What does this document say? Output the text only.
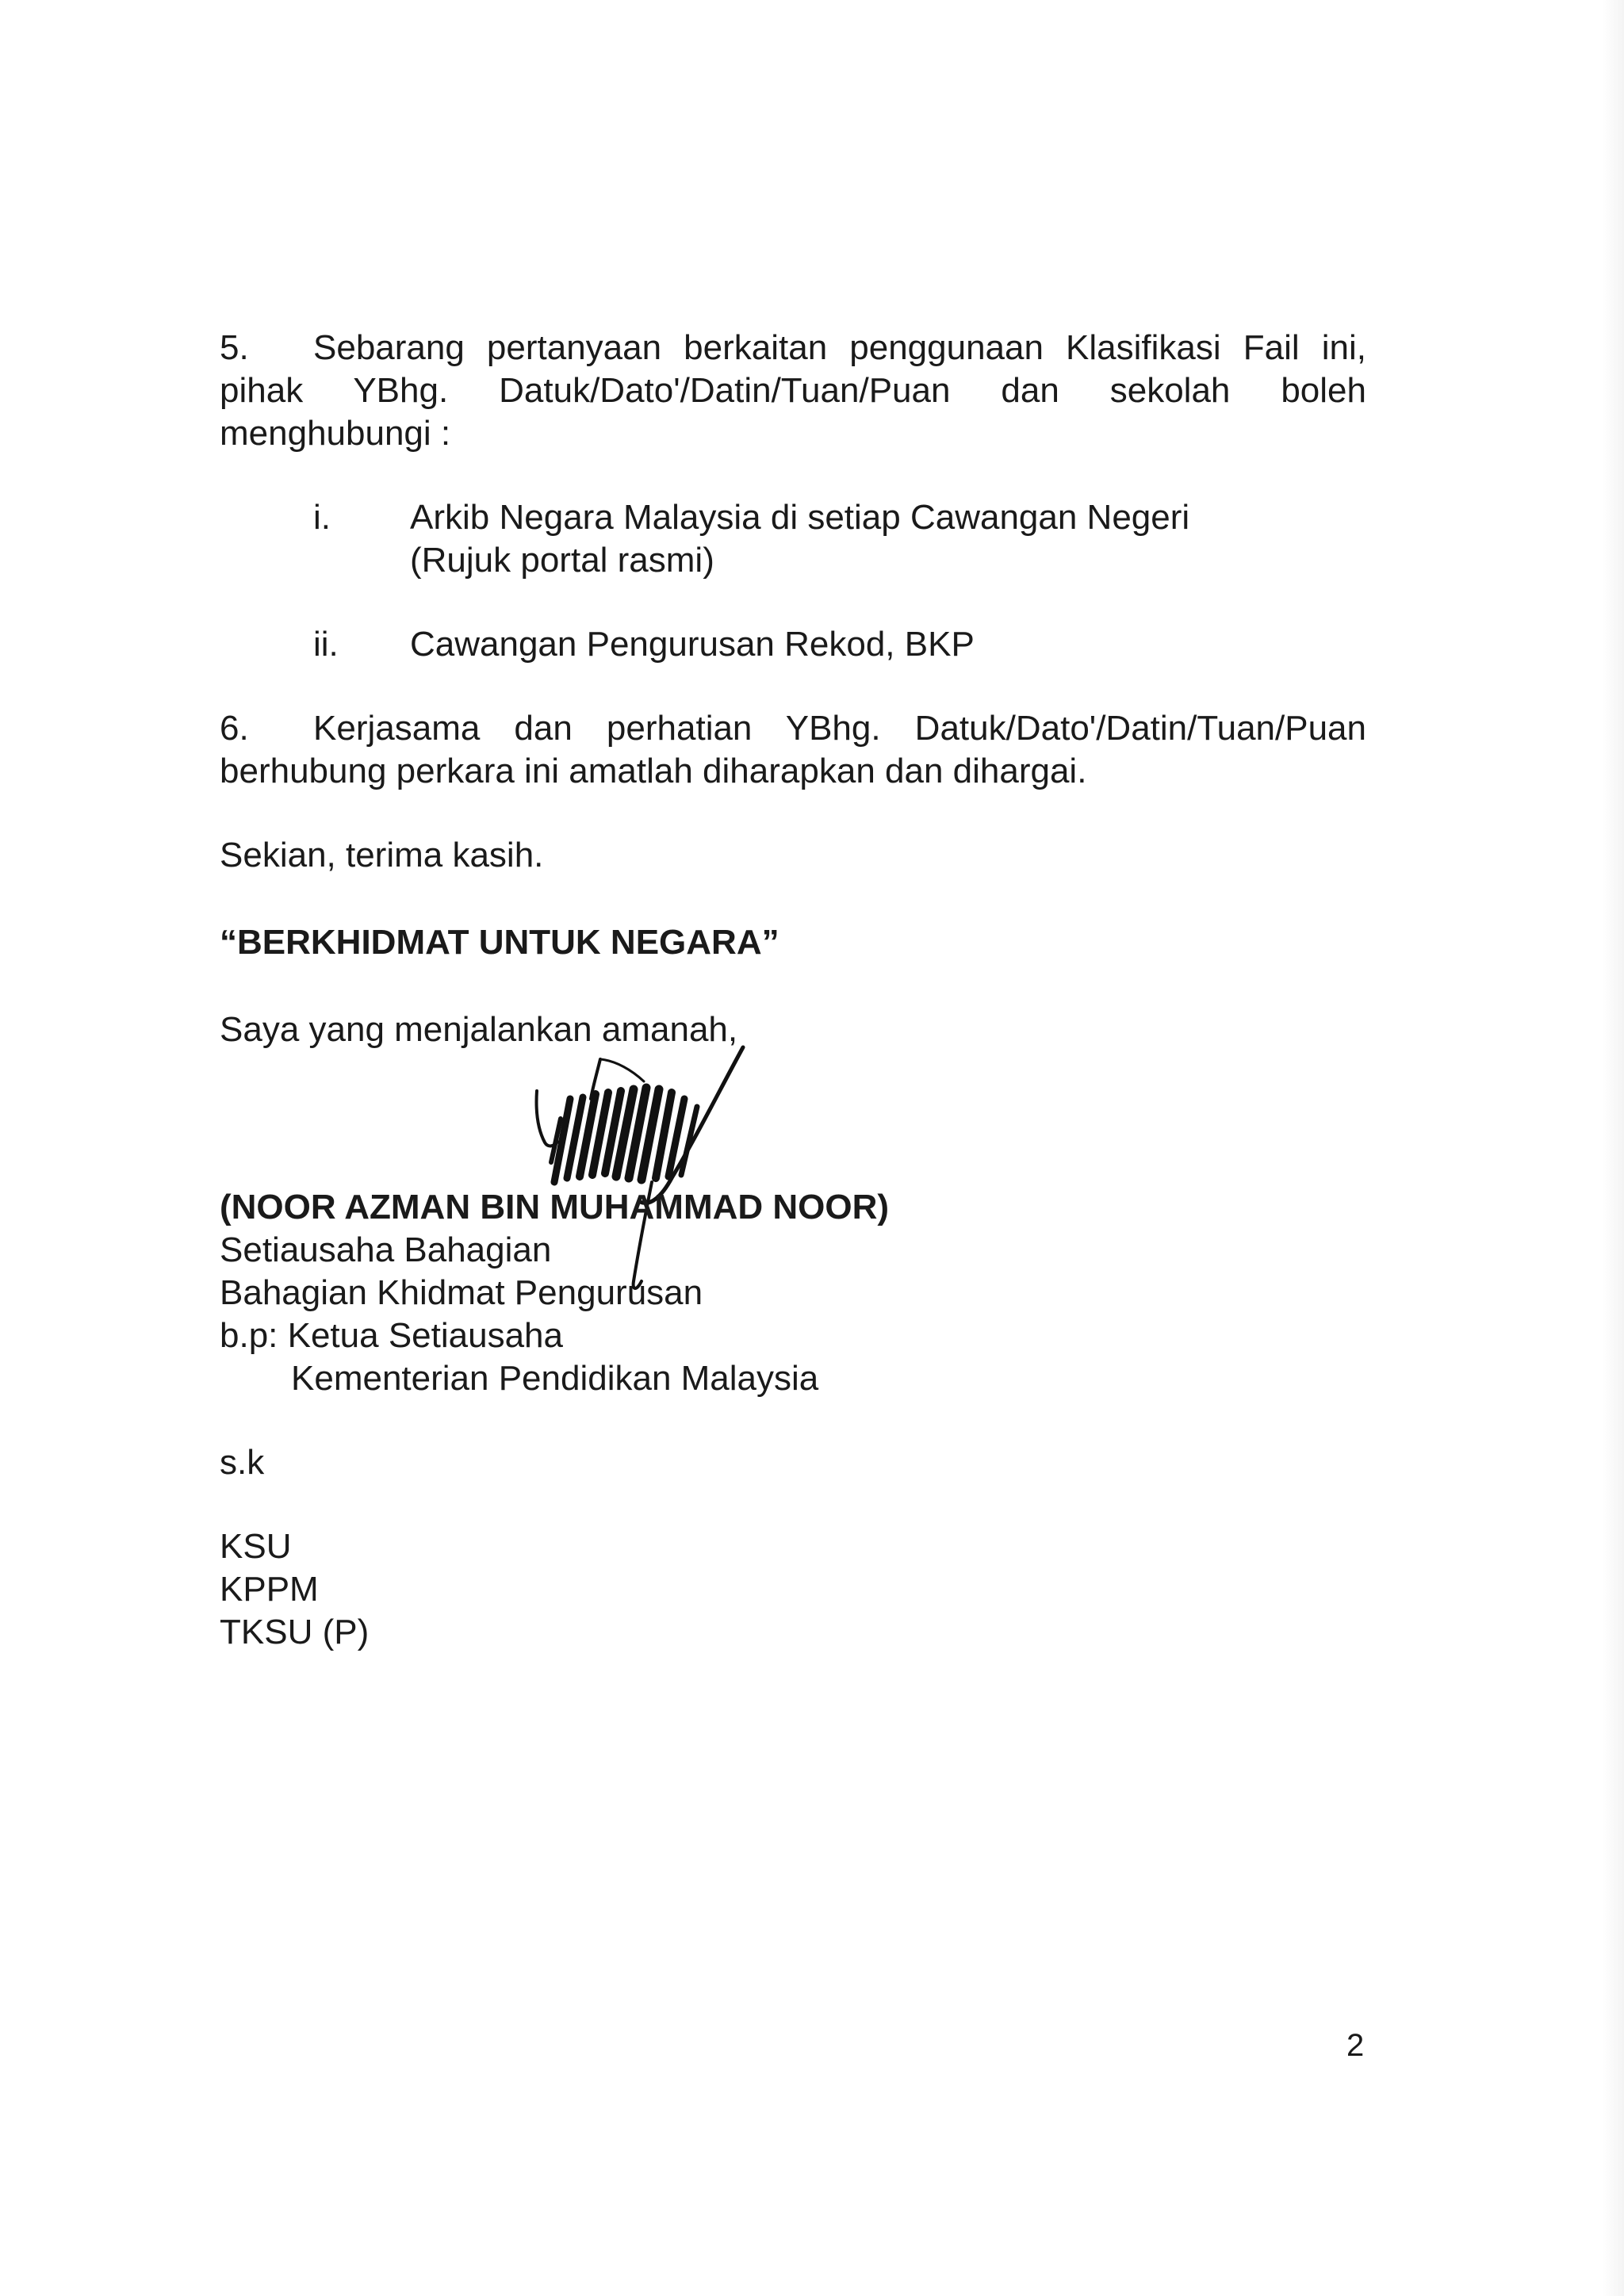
5. Sebarang pertanyaan berkaitan penggunaan Klasifikasi Fail ini, pihak YBhg. Datuk/Dato'/Datin/Tuan/Puan dan sekolah boleh menghubungi :

i.	Arkib Negara Malaysia di setiap Cawangan Negeri
(Rujuk portal rasmi)
ii.	Cawangan Pengurusan Rekod, BKP

6. Kerjasama dan perhatian YBhg. Datuk/Dato'/Datin/Tuan/Puan berhubung perkara ini amatlah diharapkan dan dihargai.

Sekian, terima kasih.
“BERKHIDMAT UNTUK NEGARA”
Saya yang menjalankan amanah,
(NOOR AZMAN BIN MUHAMMAD NOOR)
Setiausaha Bahagian
Bahagian Khidmat Pengurusan
b.p: Ketua Setiausaha
Kementerian Pendidikan Malaysia
s.k
KSU
KPPM
TKSU (P)
2
